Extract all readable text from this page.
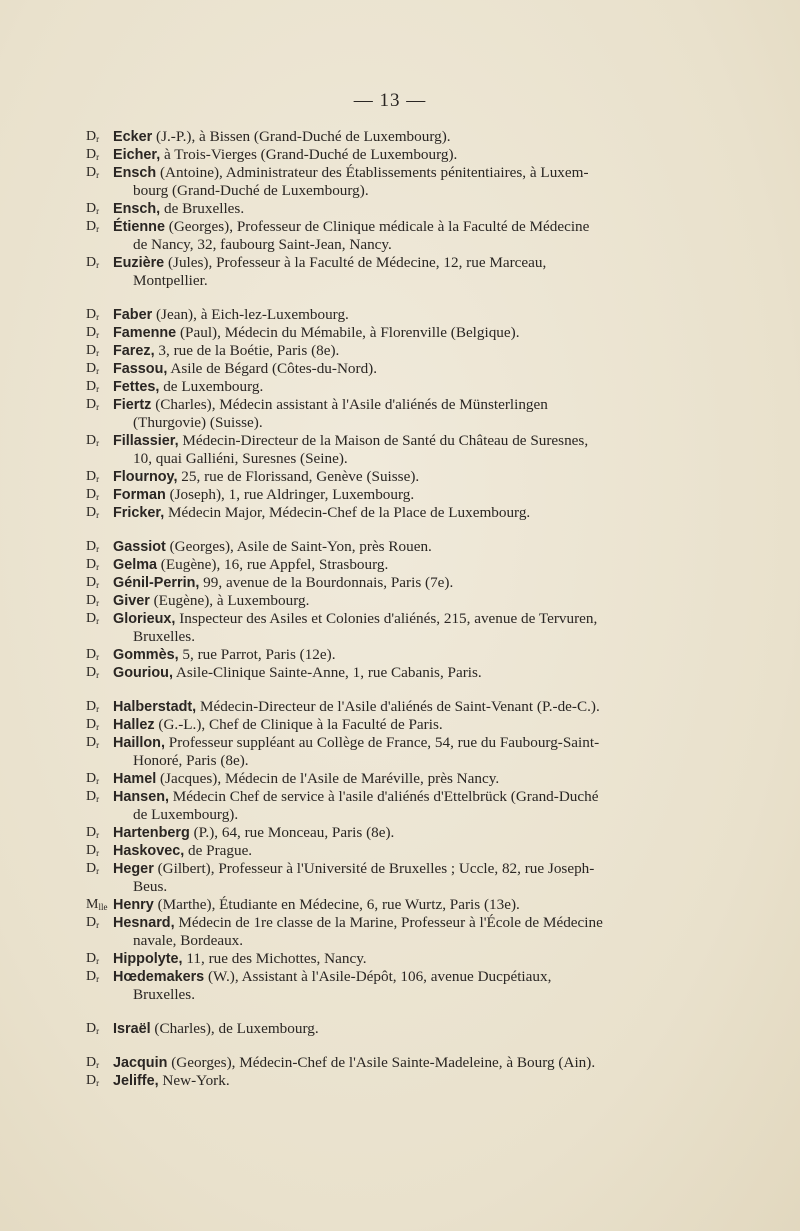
— 13 —

$D^r$ Ecker (J.-P.), à Bissen (Grand-Duché de Luxembourg).

$D^r$ Eicher, à Trois-Vierges (Grand-Duché de Luxembourg).

$D^r$ Ensch (Antoine), Administrateur des Établissements pénitentiaires, à Luxem-
bourg (Grand-Duché de Luxembourg).

$D^r$ Ensch, de Bruxelles.

$D^r$ Étienne (Georges), Professeur de Clinique médicale à la Faculté de Médecine
de Nancy, 32, faubourg Saint-Jean, Nancy.

$D^r$ Euzière (Jules), Professeur à la Faculté de Médecine, 12, rue Marceau,
Montpellier.

$D^r$ Faber (Jean), à Eich-lez-Luxembourg.

$D^r$ Famenne (Paul), Médecin du Mémabile, à Florenville (Belgique).

$D^r$ Farez, 3, rue de la Boétie, Paris (8e).

$D^r$ Fassou, Asile de Bégard (Côtes-du-Nord).

$D^r$ Fettes, de Luxembourg.

$D^r$ Fiertz (Charles), Médecin assistant à l'Asile d'aliénés de Münsterlingen
(Thurgovie) (Suisse).

$D^r$ Fillassier, Médecin-Directeur de la Maison de Santé du Château de Suresnes,
10, quai Galliéni, Suresnes (Seine).

$D^r$ Flournoy, 25, rue de Florissand, Genève (Suisse).

$D^r$ Forman (Joseph), 1, rue Aldringer, Luxembourg.

$D^r$ Fricker, Médecin Major, Médecin-Chef de la Place de Luxembourg.

$D^r$ Gassiot (Georges), Asile de Saint-Yon, près Rouen.

$D^r$ Gelma (Eugène), 16, rue Appfel, Strasbourg.

$D^r$ Génil-Perrin, 99, avenue de la Bourdonnais, Paris (7e).

$D^r$ Giver (Eugène), à Luxembourg.

$D^r$ Glorieux, Inspecteur des Asiles et Colonies d'aliénés, 215, avenue de Tervuren,
Bruxelles.

$D^r$ Gommès, 5, rue Parrot, Paris (12e).

$D^r$ Gouriou, Asile-Clinique Sainte-Anne, 1, rue Cabanis, Paris.

$D^r$ Halberstadt, Médecin-Directeur de l'Asile d'aliénés de Saint-Venant (P.-de-C.).

$D^r$ Hallez (G.-L.), Chef de Clinique à la Faculté de Paris.

$D^r$ Haillon, Professeur suppléant au Collège de France, 54, rue du Faubourg-Saint-
Honoré, Paris (8e).

$D^r$ Hamel (Jacques), Médecin de l'Asile de Maréville, près Nancy.

$D^r$ Hansen, Médecin Chef de service à l'asile d'aliénés d'Ettelbrück (Grand-Duché
de Luxembourg).

$D^r$ Hartenberg (P.), 64, rue Monceau, Paris (8e).

$D^r$ Haskovec, de Prague.

$D^r$ Heger (Gilbert), Professeur à l'Université de Bruxelles ; Uccle, 82, rue Joseph-
Beus.

$M^{lle}$ Henry (Marthe), Étudiante en Médecine, 6, rue Wurtz, Paris (13e).

$D^r$ Hesnard, Médecin de 1re classe de la Marine, Professeur à l'École de Médecine
navale, Bordeaux.

$D^r$ Hippolyte, 11, rue des Michottes, Nancy.

$D^r$ Hœdemakers (W.), Assistant à l'Asile-Dépôt, 106, avenue Ducpétiaux,
Bruxelles.

$D^r$ Israël (Charles), de Luxembourg.

$D^r$ Jacquin (Georges), Médecin-Chef de l'Asile Sainte-Madeleine, à Bourg (Ain).

$D^r$ Jeliffe, New-York.
